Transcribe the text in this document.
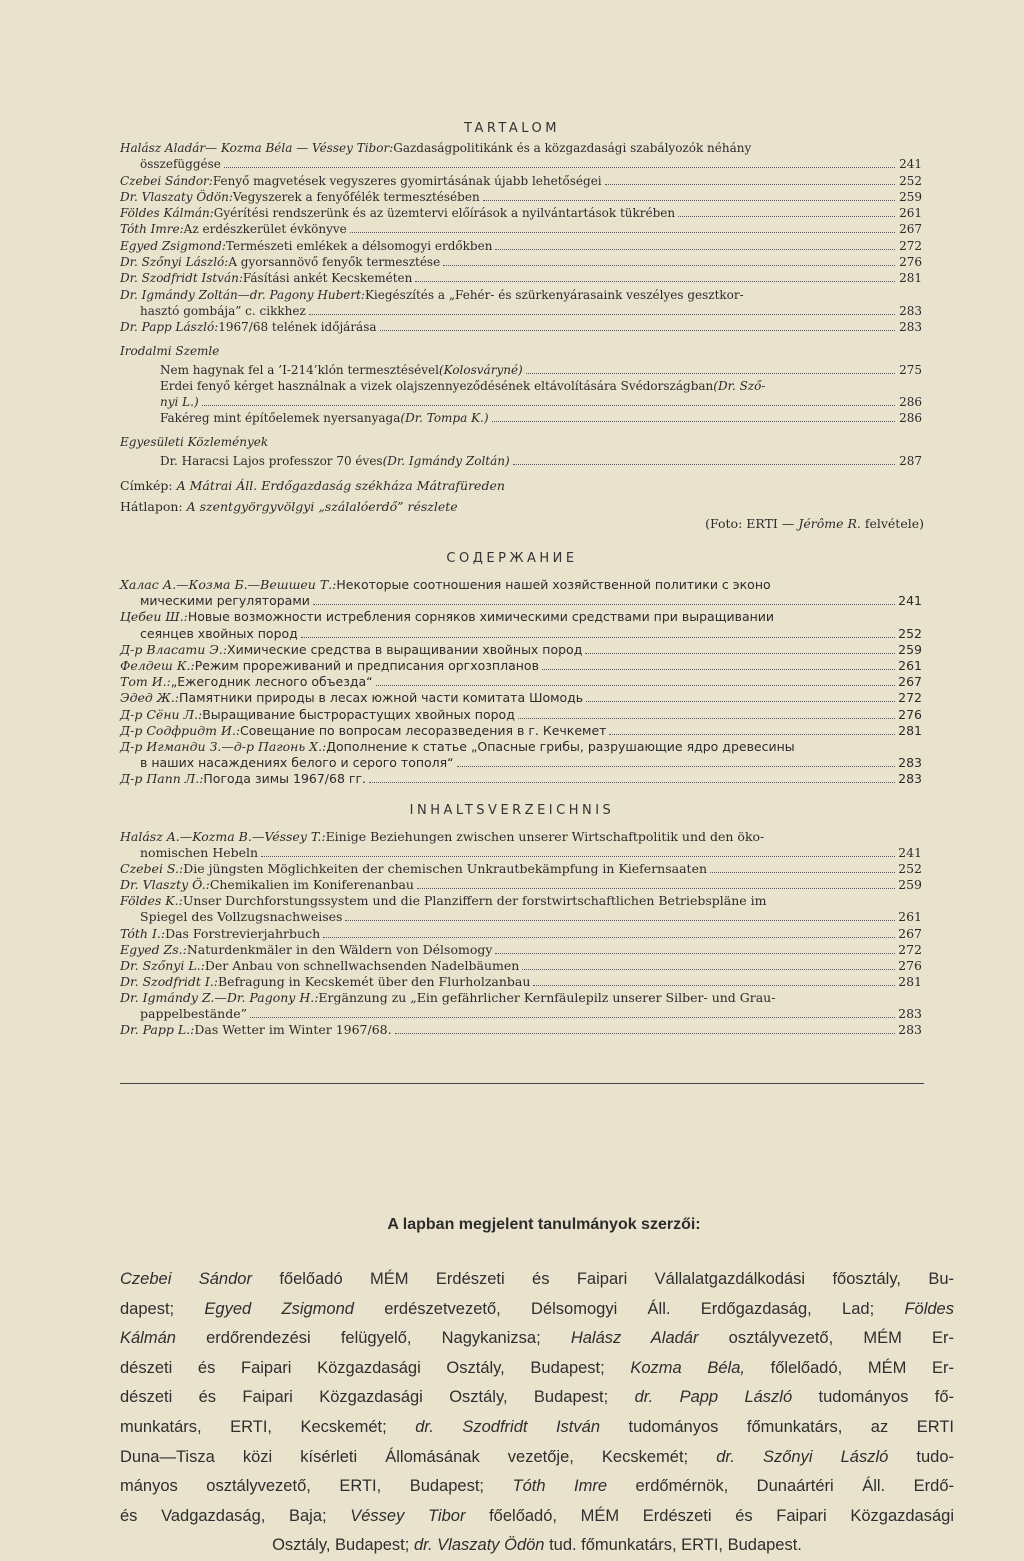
TARTALOM
Halász Aladár— Kozma Béla — Véssey Tibor: Gazdaságpolitikánk és a közgazdasági szabályozók néhány
összefüggése	241
Czebei Sándor: Fenyő magvetések vegyszeres gyomirtásának újabb lehetőségei	252
Dr. Vlaszaty Ödön: Vegyszerek a fenyőfélék termesztésében	259
Földes Kálmán: Gyérítési rendszerünk és az üzemtervi előírások a nyilvántartások tükrében	261
Tóth Imre: Az erdészkerület évkönyve	267
Egyed Zsigmond: Természeti emlékek a délsomogyi erdőkben	272
Dr. Szőnyi László: A gyorsannövő fenyők termesztése	276
Dr. Szodfridt István: Fásítási ankét Kecskeméten	281
Dr. Igmándy Zoltán—dr. Pagony Hubert: Kiegészítés a „Fehér- és szürkenyárasaink veszélyes gesztkor-
hasztó gombája” c. cikkhez	283
Dr. Papp László: 1967/68 telének időjárása	283
Irodalmi Szemle
Nem hagynak fel a ’I-214’klón termesztésével (Kolosváryné)	275
Erdei fenyő kérget használnak a vizek olajszennyeződésének eltávolítására Svédországban (Dr. Sző-
nyi L.)	286
Fakéreg mint építőelemek nyersanyaga (Dr. Tompa K.)	286
Egyesületi Közlemények
Dr. Haracsi Lajos professzor 70 éves (Dr. Igmándy Zoltán)	287
Címkép: A Mátrai Áll. Erdőgazdaság székháza Mátrafüreden
Hátlapon: A szentgyörgyvölgyi „szálalóerdő” részlete
(Foto: ERTI — Jérôme R. felvétele)
СОДЕРЖАНИЕ
Халас А.—Козма Б.—Вешшеи Т.: Некоторые соотношения нашей хозяйственной политики с эконо
мическими регуляторами	241
Цебеи Ш.: Новые возможности истребления сорняков химическими средствами при выращивании
сеянцев хвойных пород	252
Д-р Власати Э.: Химические средства в выращивании хвойных пород	259
Фелдеш К.: Режим прореживаний и предписания оргхозпланов	261
Тот И.: „Ежегодник лесного объезда“	267
Эдед Ж.: Памятники природы в лесах южной части комитата Шомодь	272
Д-р Сёни Л.: Выращивание быстрорастущих хвойных пород	276
Д-р Содфридт И.: Совещание по вопросам лесоразведения в г. Кечкемет	281
Д-р Игманди З.—д-р Пагонь Х.: Дополнение к статье „Опасные грибы, разрушающие ядро древесины
в наших насаждениях белого и серого тополя“	283
Д-р Папп Л.: Погода зимы 1967/68 гг.	283
INHALTSVERZEICHNIS
Halász A.—Kozma B.—Véssey T.: Einige Beziehungen zwischen unserer Wirtschaftpolitik und den öko-
nomischen Hebeln	241
Czebei S.: Die jüngsten Möglichkeiten der chemischen Unkrautbekämpfung in Kiefernsaaten	252
Dr. Vlaszty Ö.: Chemikalien im Koniferenanbau	259
Földes K.: Unser Durchforstungssystem und die Planziffern der forstwirtschaftlichen Betriebspläne im
Spiegel des Vollzugsnachweises	261
Tóth I.: Das Forstrevierjahrbuch	267
Egyed Zs.: Naturdenkmäler in den Wäldern von Délsomogy	272
Dr. Szőnyi L.: Der Anbau von schnellwachsenden Nadelbäumen	276
Dr. Szodfridt I.: Befragung in Kecskemét über den Flurholzanbau	281
Dr. Igmándy Z.—Dr. Pagony H.: Ergänzung zu „Ein gefährlicher Kernfäulepilz unserer Silber- und Grau-
pappelbestände”	283
Dr. Papp L.: Das Wetter im Winter 1967/68.	283
A lapban megjelent tanulmányok szerzői:
Czebei Sándor főelőadó MÉM Erdészeti és Faipari Vállalatgazdálkodási főosztály, Bu-
dapest; Egyed Zsigmond erdészetvezető, Délsomogyi Áll. Erdőgazdaság, Lad; Földes
Kálmán erdőrendezési felügyelő, Nagykanizsa; Halász Aladár osztályvezető, MÉM Er-
dészeti és Faipari Közgazdasági Osztály, Budapest; Kozma Béla, főlelőadó, MÉM Er-
dészeti és Faipari Közgazdasági Osztály, Budapest; dr. Papp László tudományos fő-
munkatárs, ERTI, Kecskemét; dr. Szodfridt István tudományos főmunkatárs, az ERTI
Duna—Tisza közi kísérleti Állomásának vezetője, Kecskemét; dr. Szőnyi László tudo-
mányos osztályvezető, ERTI, Budapest; Tóth Imre erdőmérnök, Dunaártéri Áll. Erdő-
és Vadgazdaság, Baja; Véssey Tibor főelőadó, MÉM Erdészeti és Faipari Közgazdasági
Osztály, Budapest; dr. Vlaszaty Ödön tud. főmunkatárs, ERTI, Budapest.
